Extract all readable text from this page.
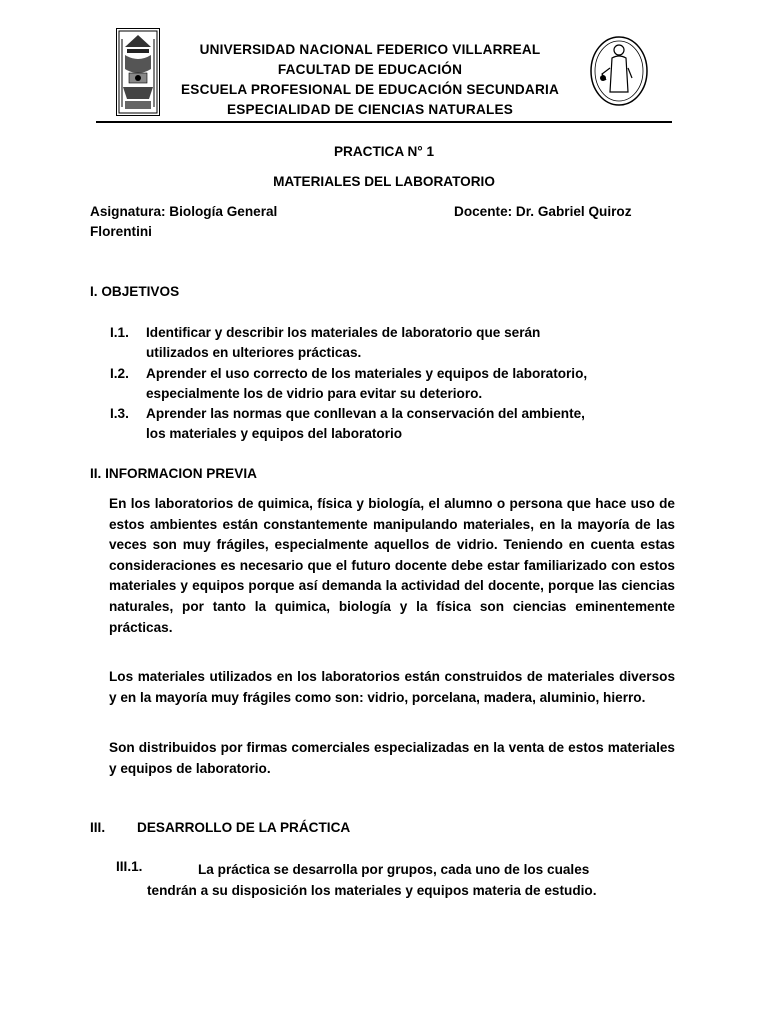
UNIVERSIDAD NACIONAL FEDERICO VILLARREAL
FACULTAD DE EDUCACIÓN
ESCUELA PROFESIONAL DE EDUCACIÓN SECUNDARIA
ESPECIALIDAD DE CIENCIAS NATURALES
PRACTICA N° 1
MATERIALES DEL LABORATORIO
Asignatura: Biología General	Docente: Dr. Gabriel Quiroz
Florentini
I. OBJETIVOS
I.1. Identificar y describir los materiales de laboratorio que serán
utilizados en ulteriores prácticas.
I.2. Aprender el uso correcto de los materiales y equipos de laboratorio,
especialmente los de vidrio para evitar su deterioro.
I.3. Aprender las normas que conllevan a la conservación del ambiente,
los materiales y equipos del laboratorio
II. INFORMACION PREVIA
En los laboratorios de quimica, física y biología, el alumno o persona que hace uso de estos ambientes están constantemente manipulando materiales, en la mayoría de las veces son muy frágiles, especialmente aquellos de vidrio. Teniendo en cuenta estas consideraciones es necesario que el futuro docente debe estar familiarizado con estos materiales y equipos porque así demanda la actividad del docente, porque las ciencias naturales, por tanto la quimica, biología y la física son ciencias eminentemente prácticas.
Los materiales utilizados en los laboratorios están construidos de materiales diversos y en la mayoría muy frágiles como son: vidrio, porcelana, madera, aluminio, hierro.
Son distribuidos por firmas comerciales especializadas en la venta de estos materiales y equipos de laboratorio.
III. DESARROLLO DE LA PRÁCTICA
III.1.	La práctica se desarrolla por grupos, cada uno de los cuales
tendrán a su disposición los materiales y equipos materia de estudio.
